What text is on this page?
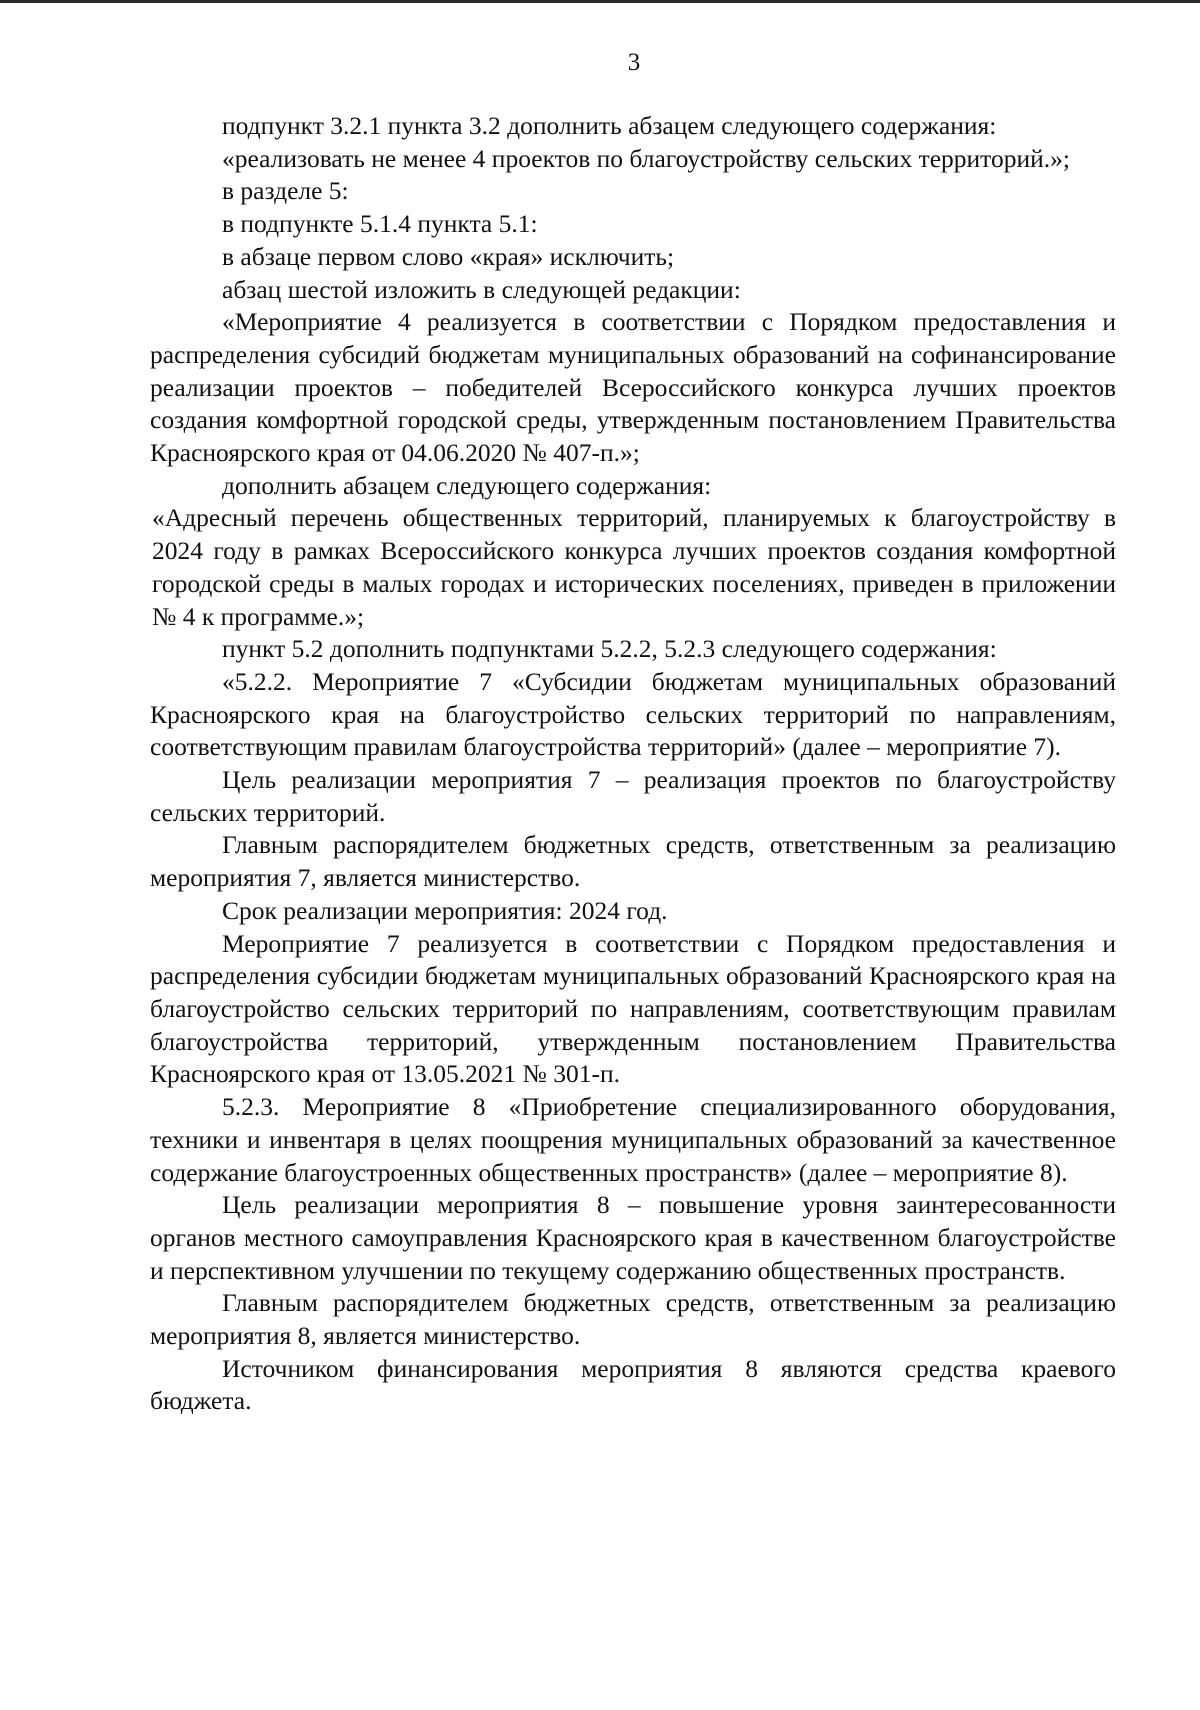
3

подпункт 3.2.1 пункта 3.2 дополнить абзацем следующего содержания:

«реализовать не менее 4 проектов по благоустройству сельских территорий.»;

в разделе 5:

в подпункте 5.1.4 пункта 5.1:

в абзаце первом слово «края» исключить;

абзац шестой изложить в следующей редакции:

«Мероприятие 4 реализуется в соответствии с Порядком предоставления и распределения субсидий бюджетам муниципальных образований на софинансирование реализации проектов – победителей Всероссийского конкурса лучших проектов создания комфортной городской среды, утвержденным постановлением Правительства Красноярского края от 04.06.2020 № 407-п.»;

дополнить абзацем следующего содержания:

«Адресный перечень общественных территорий, планируемых к благоустройству в 2024 году в рамках Всероссийского конкурса лучших проектов создания комфортной городской среды в малых городах и исторических поселениях, приведен в приложении № 4 к программе.»;

пункт 5.2 дополнить подпунктами 5.2.2, 5.2.3 следующего содержания:

«5.2.2. Мероприятие 7 «Субсидии бюджетам муниципальных образований Красноярского края на благоустройство сельских территорий по направлениям, соответствующим правилам благоустройства территорий» (далее – мероприятие 7).

Цель реализации мероприятия 7 – реализация проектов по благоустройству сельских территорий.

Главным распорядителем бюджетных средств, ответственным за реализацию мероприятия 7, является министерство.

Срок реализации мероприятия: 2024 год.

Мероприятие 7 реализуется в соответствии с Порядком предоставления и распределения субсидии бюджетам муниципальных образований Красноярского края на благоустройство сельских территорий по направлениям, соответствующим правилам благоустройства территорий, утвержденным постановлением Правительства Красноярского края от 13.05.2021 № 301-п.

5.2.3. Мероприятие 8 «Приобретение специализированного оборудования, техники и инвентаря в целях поощрения муниципальных образований за качественное содержание благоустроенных общественных пространств» (далее – мероприятие 8).

Цель реализации мероприятия 8 – повышение уровня заинтересованности органов местного самоуправления Красноярского края в качественном благоустройстве и перспективном улучшении по текущему содержанию общественных пространств.

Главным распорядителем бюджетных средств, ответственным за реализацию мероприятия 8, является министерство.

Источником финансирования мероприятия 8 являются средства краевого бюджета.
